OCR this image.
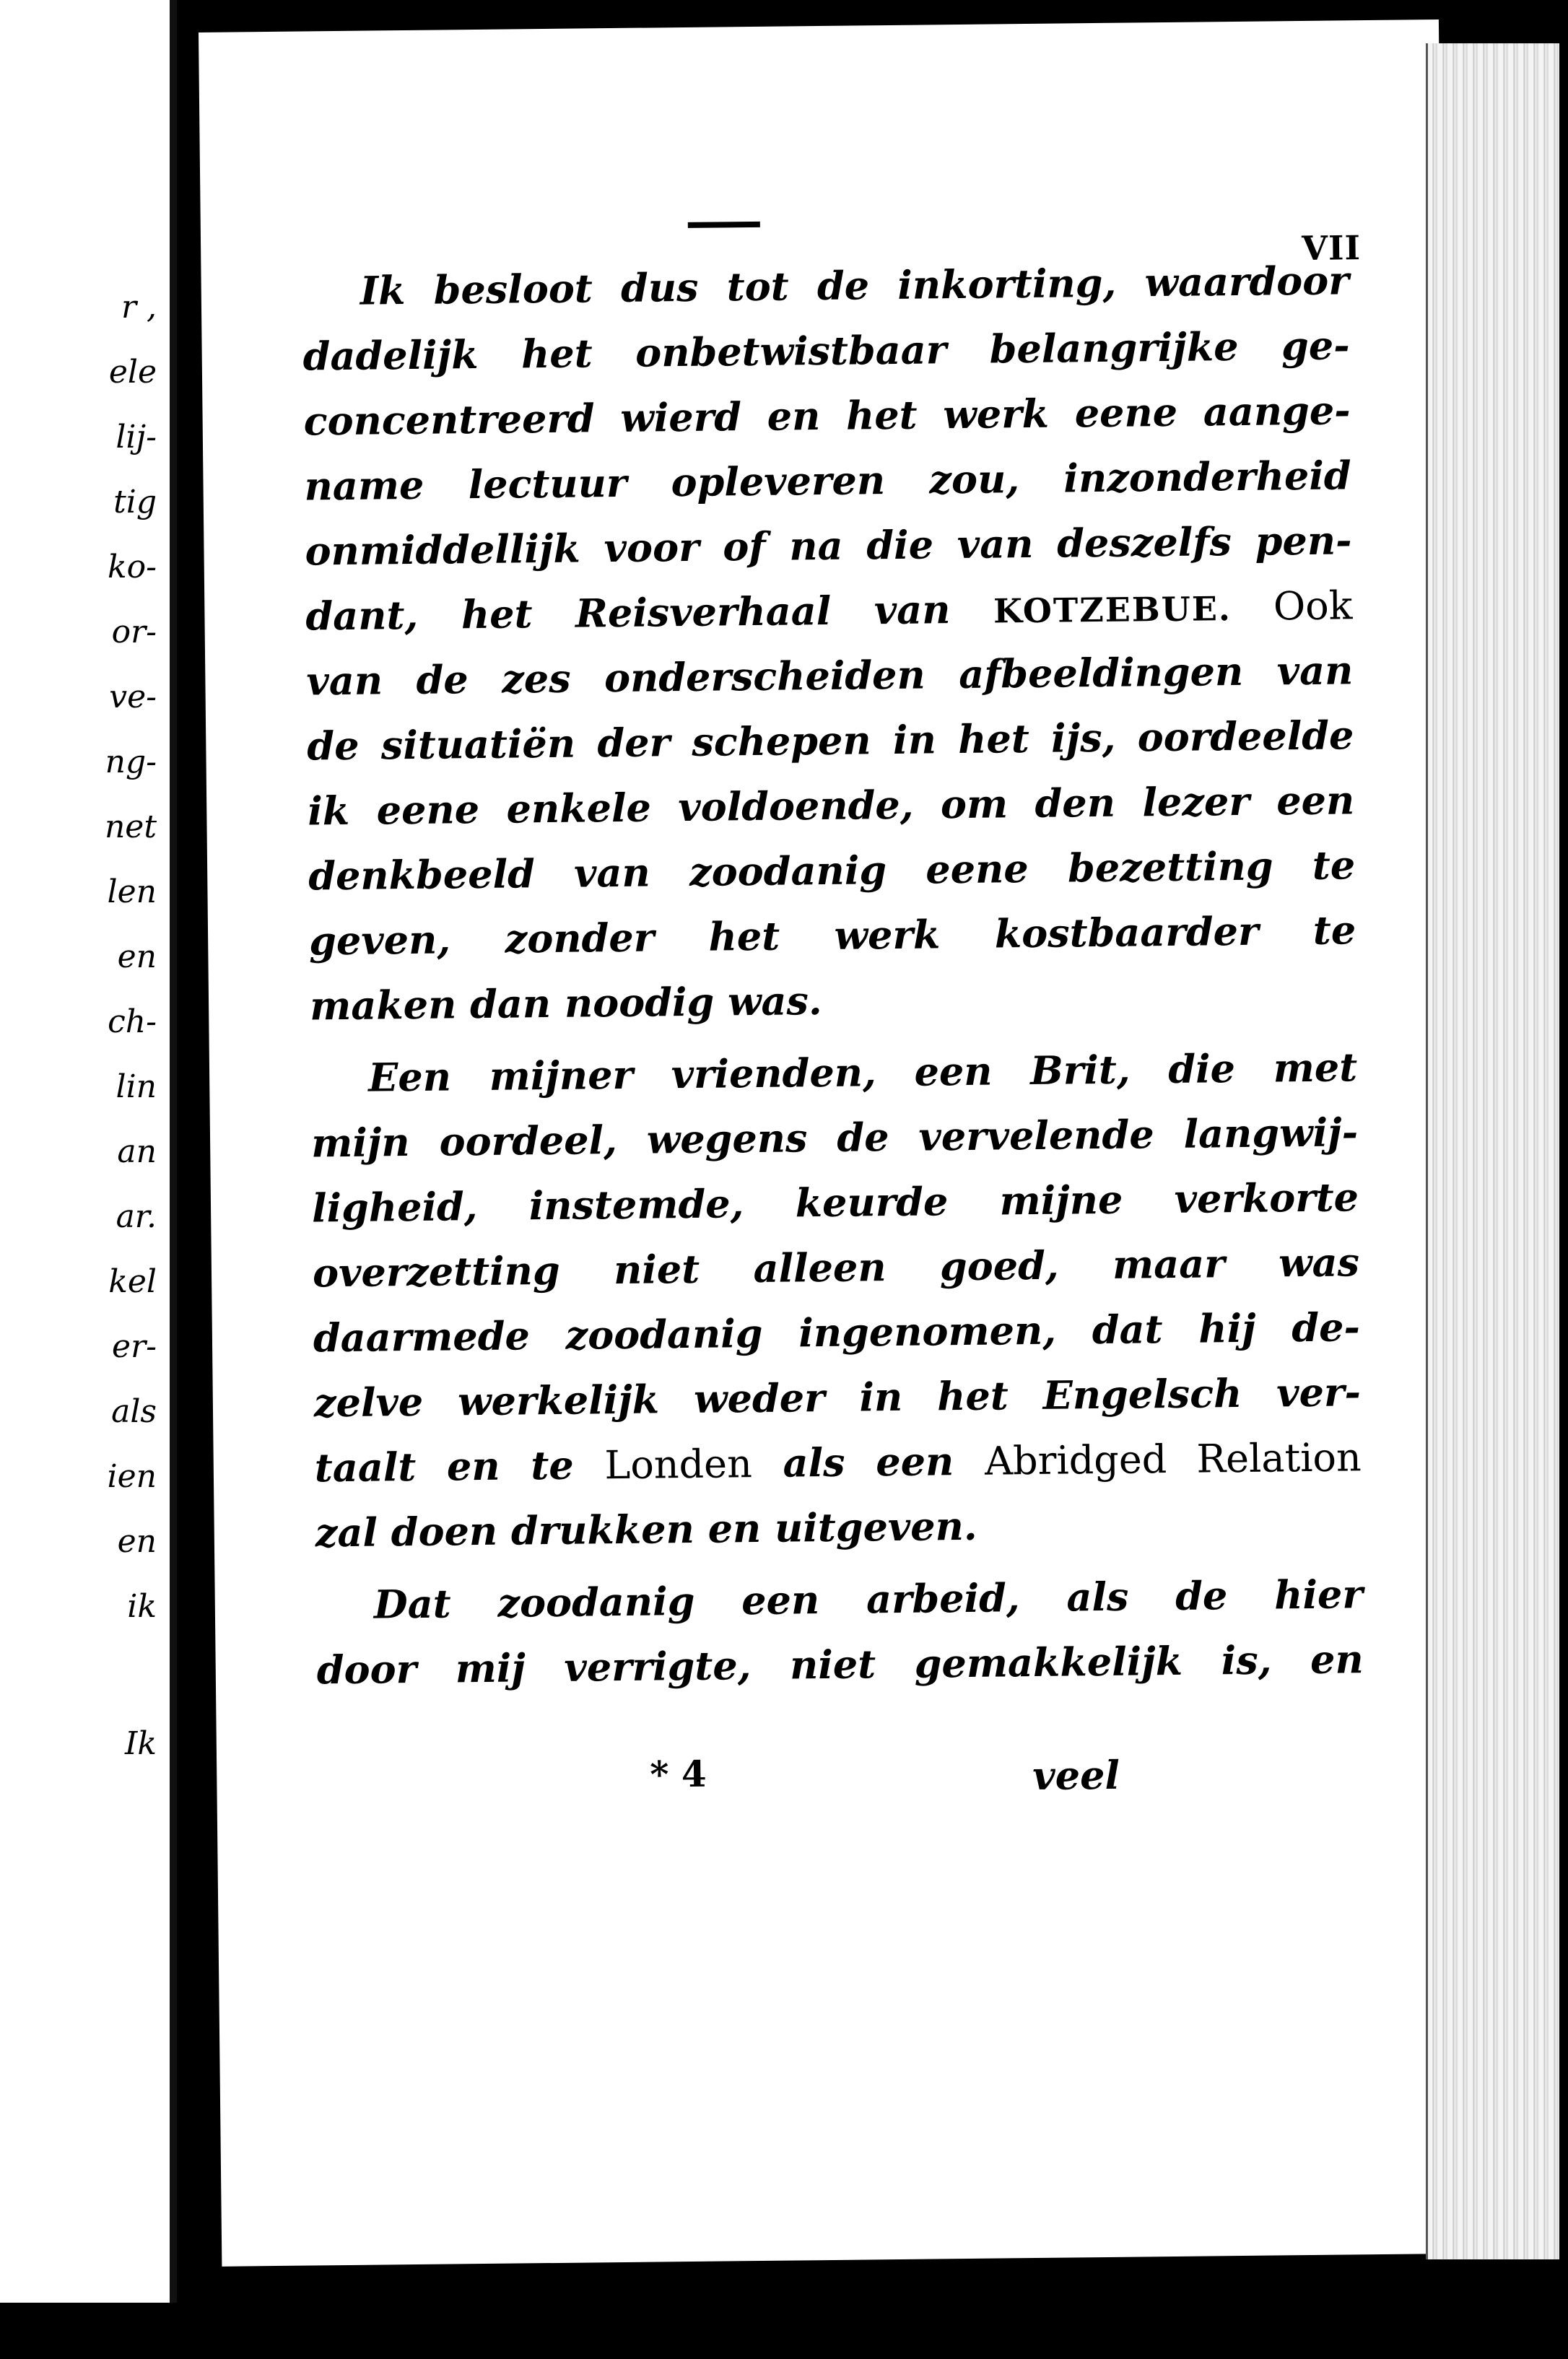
r ,
ele
lij-
tig
ko-
or-
ve-
ng-
net
len
en
ch-
lin
an
ar.
kel
er-
als
ien
en
ik
Ik
VII
Ik besloot dus tot de inkorting, waardoor
dadelijk het onbetwistbaar belangrijke ge-
concentreerd wierd en het werk eene aange-
name lectuur opleveren zou, inzonderheid
onmiddellijk voor of na die van deszelfs pen-
dant, het Reisverhaal van KOTZEBUE. Ook
van de zes onderscheiden afbeeldingen van
de situatiën der schepen in het ijs, oordeelde
ik eene enkele voldoende, om den lezer een
denkbeeld van zoodanig eene bezetting te
geven, zonder het werk kostbaarder te
maken dan noodig was.
Een mijner vrienden, een Brit, die met
mijn oordeel, wegens de vervelende langwij-
ligheid, instemde, keurde mijne verkorte
overzetting niet alleen goed, maar was
daarmede zoodanig ingenomen, dat hij de-
zelve werkelijk weder in het Engelsch ver-
taalt en te Londen als een Abridged Relation
zal doen drukken en uitgeven.
Dat zoodanig een arbeid, als de hier
door mij verrigte, niet gemakkelijk is, en
* 4	veel
